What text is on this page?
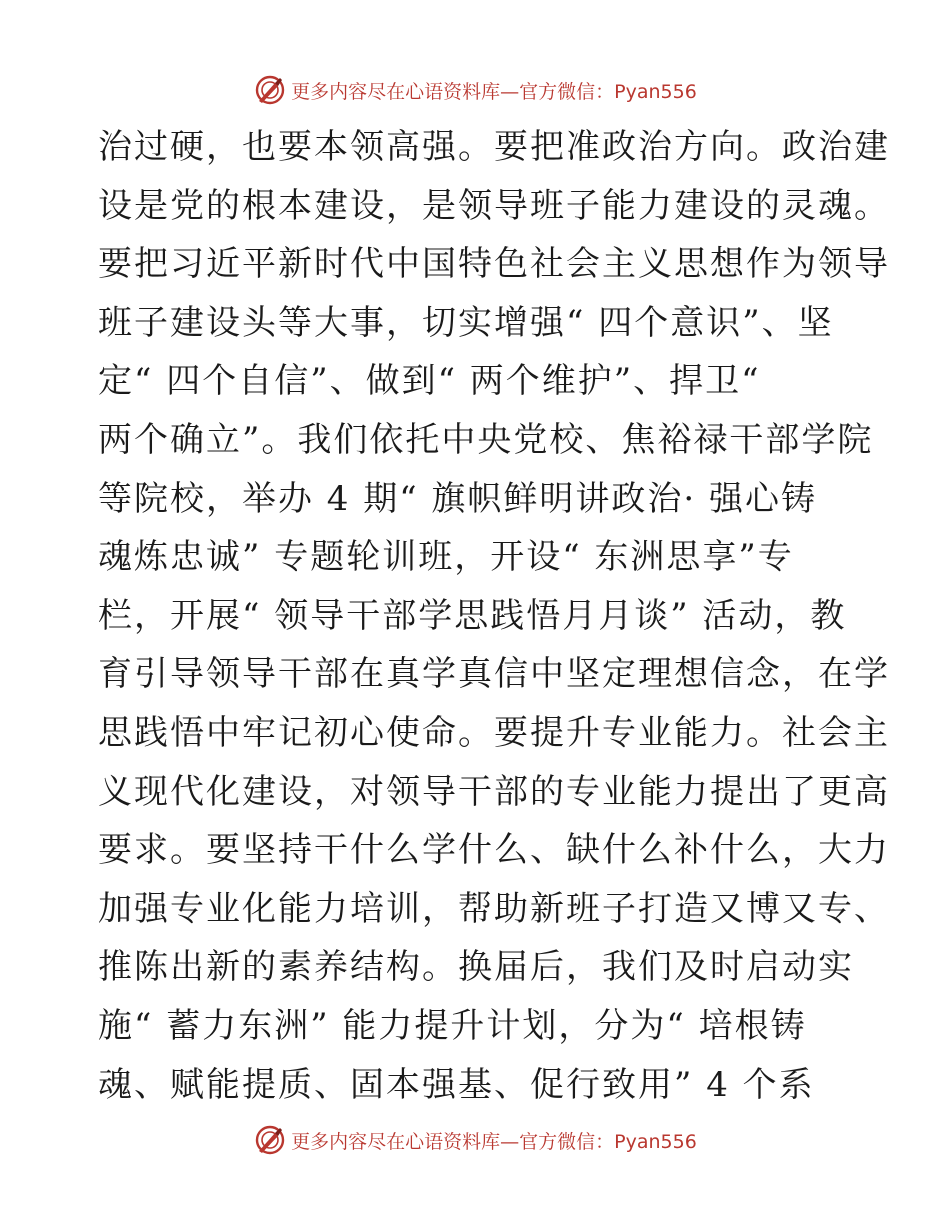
更多内容尽在心语资料库—官方微信：Pyan556
治过硬，也要本领高强。要把准政治方向。政治建
设是党的根本建设，是领导班子能力建设的灵魂。
要把习近平新时代中国特色社会主义思想作为领导
班子建设头等大事，切实增强“ 四个意识”、坚
定“ 四个自信”、做到“ 两个维护”、捍卫“
两个确立”。我们依托中央党校、焦裕禄干部学院
等院校，举办 4 期“ 旗帜鲜明讲政治· 强心铸
魂炼忠诚” 专题轮训班，开设“ 东洲思享”专
栏，开展“ 领导干部学思践悟月月谈” 活动，教
育引导领导干部在真学真信中坚定理想信念，在学
思践悟中牢记初心使命。要提升专业能力。社会主
义现代化建设，对领导干部的专业能力提出了更高
要求。要坚持干什么学什么、缺什么补什么，大力
加强专业化能力培训，帮助新班子打造又博又专、
推陈出新的素养结构。换届后，我们及时启动实
施“ 蓄力东洲” 能力提升计划，分为“ 培根铸
魂、赋能提质、固本强基、促行致用” 4 个系
更多内容尽在心语资料库—官方微信：Pyan556
